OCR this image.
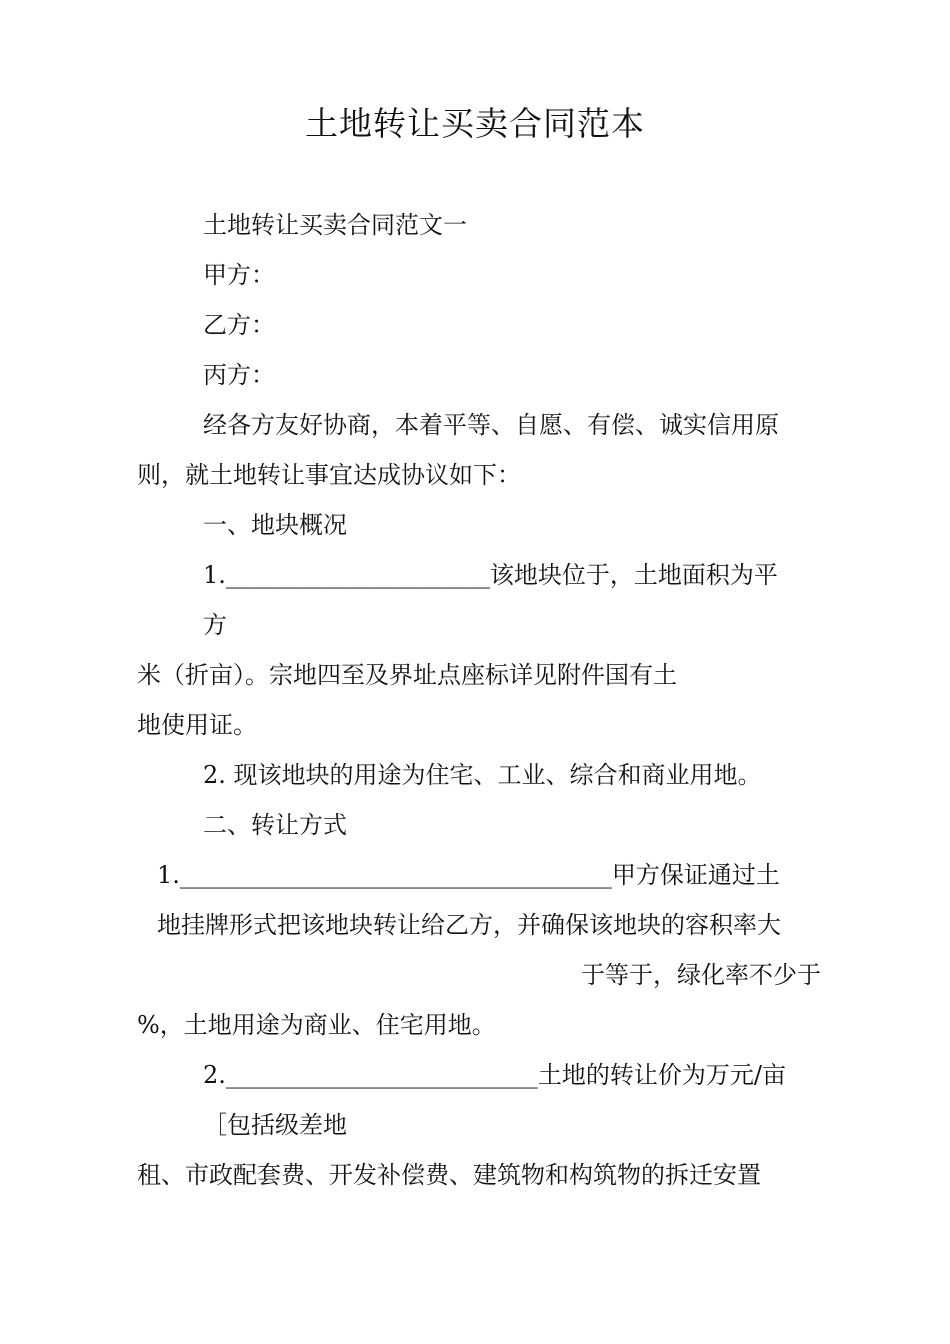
土地转让买卖合同范本
土地转让买卖合同范文一
甲方：
乙方：
丙方：
经各方友好协商，本着平等、自愿、有偿、诚实信用原
则，就土地转让事宜达成协议如下：
一、地块概况
1.______________________该地块位于，土地面积为平
方
米（折亩）。宗地四至及界址点座标详见附件国有土
地使用证。
2. 现该地块的用途为住宅、工业、综合和商业用地。
二、转让方式
1.____________________________________甲方保证通过土
地挂牌形式把该地块转让给乙方，并确保该地块的容积率大
于等于，绿化率不少于
%，土地用途为商业、住宅用地。
2.__________________________土地的转让价为万元/亩
［包括级差地
租、市政配套费、开发补偿费、建筑物和构筑物的拆迁安置
